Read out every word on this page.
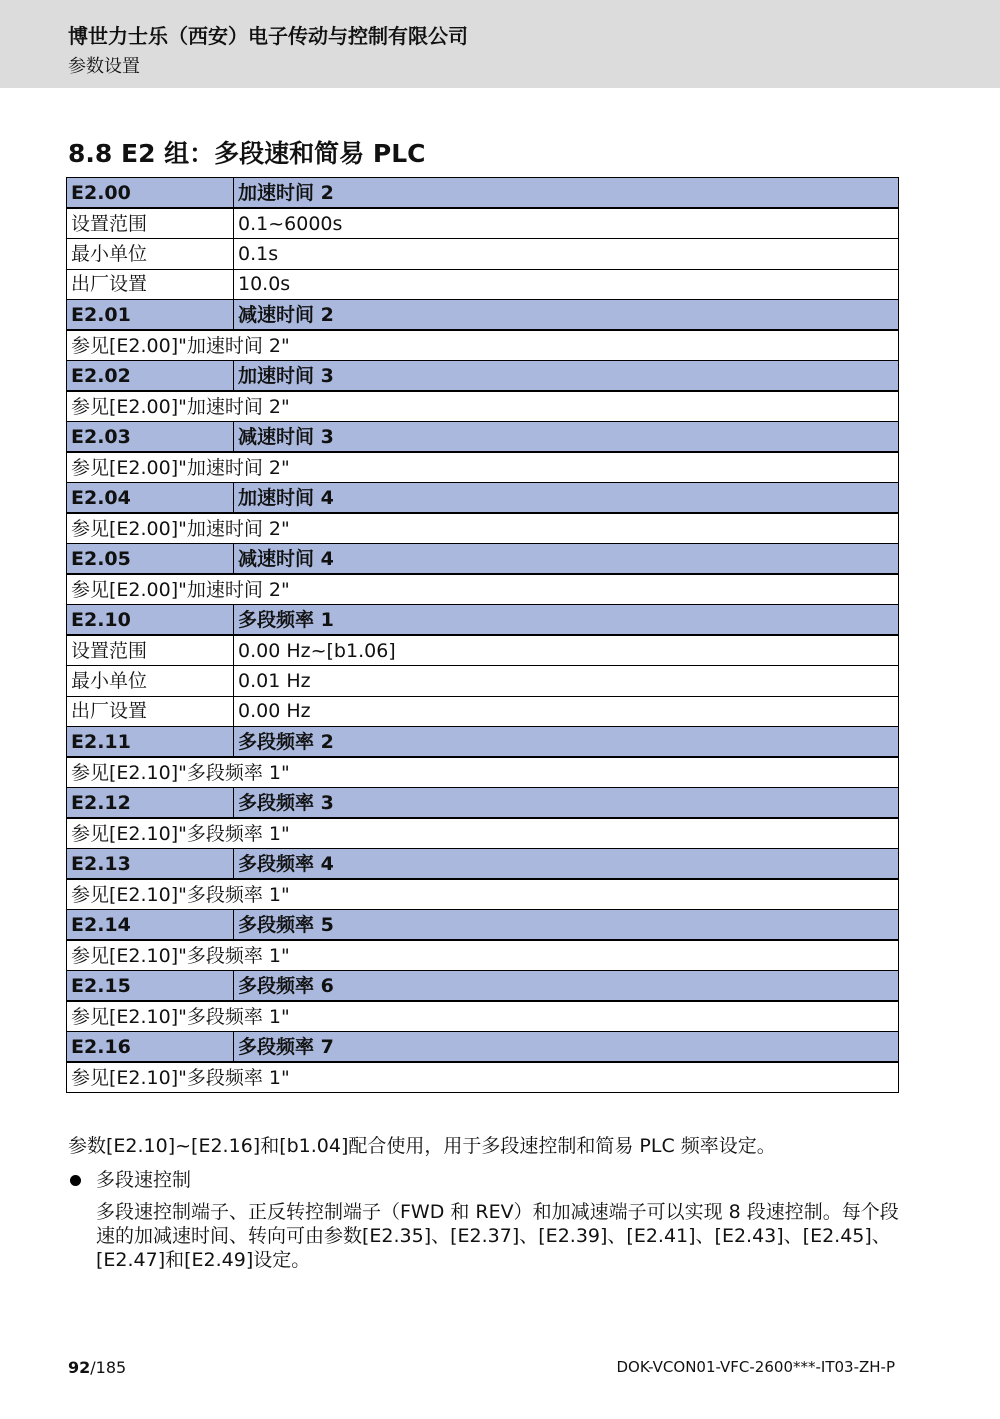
博世力士乐（西安）电子传动与控制有限公司
参数设置
8.8 E2 组：多段速和简易 PLC
E2.00	加速时间 2
设置范围	0.1~6000s
最小单位	0.1s
出厂设置	10.0s
E2.01	减速时间 2
参见[E2.00]"加速时间 2"	
E2.02	加速时间 3
参见[E2.00]"加速时间 2"	
E2.03	减速时间 3
参见[E2.00]"加速时间 2"	
E2.04	加速时间 4
参见[E2.00]"加速时间 2"	
E2.05	减速时间 4
参见[E2.00]"加速时间 2"	
E2.10	多段频率 1
设置范围	0.00 Hz~[b1.06]
最小单位	0.01 Hz
出厂设置	0.00 Hz
E2.11	多段频率 2
参见[E2.10]"多段频率 1"	
E2.12	多段频率 3
参见[E2.10]"多段频率 1"	
E2.13	多段频率 4
参见[E2.10]"多段频率 1"	
E2.14	多段频率 5
参见[E2.10]"多段频率 1"	
E2.15	多段频率 6
参见[E2.10]"多段频率 1"	
E2.16	多段频率 7
参见[E2.10]"多段频率 1"	

参数[E2.10]~[E2.16]和[b1.04]配合使用，用于多段速控制和简易 PLC 频率设定。

多段速控制
多段速控制端子、正反转控制端子（FWD 和 REV）和加减速端子可以实现 8 段速控制。每个段速的加减速时间、转向可由参数[E2.35]、[E2.37]、[E2.39]、[E2.41]、[E2.43]、[E2.45]、[E2.47]和[E2.49]设定。
92/185	DOK-VCON01-VFC-2600***-IT03-ZH-P
